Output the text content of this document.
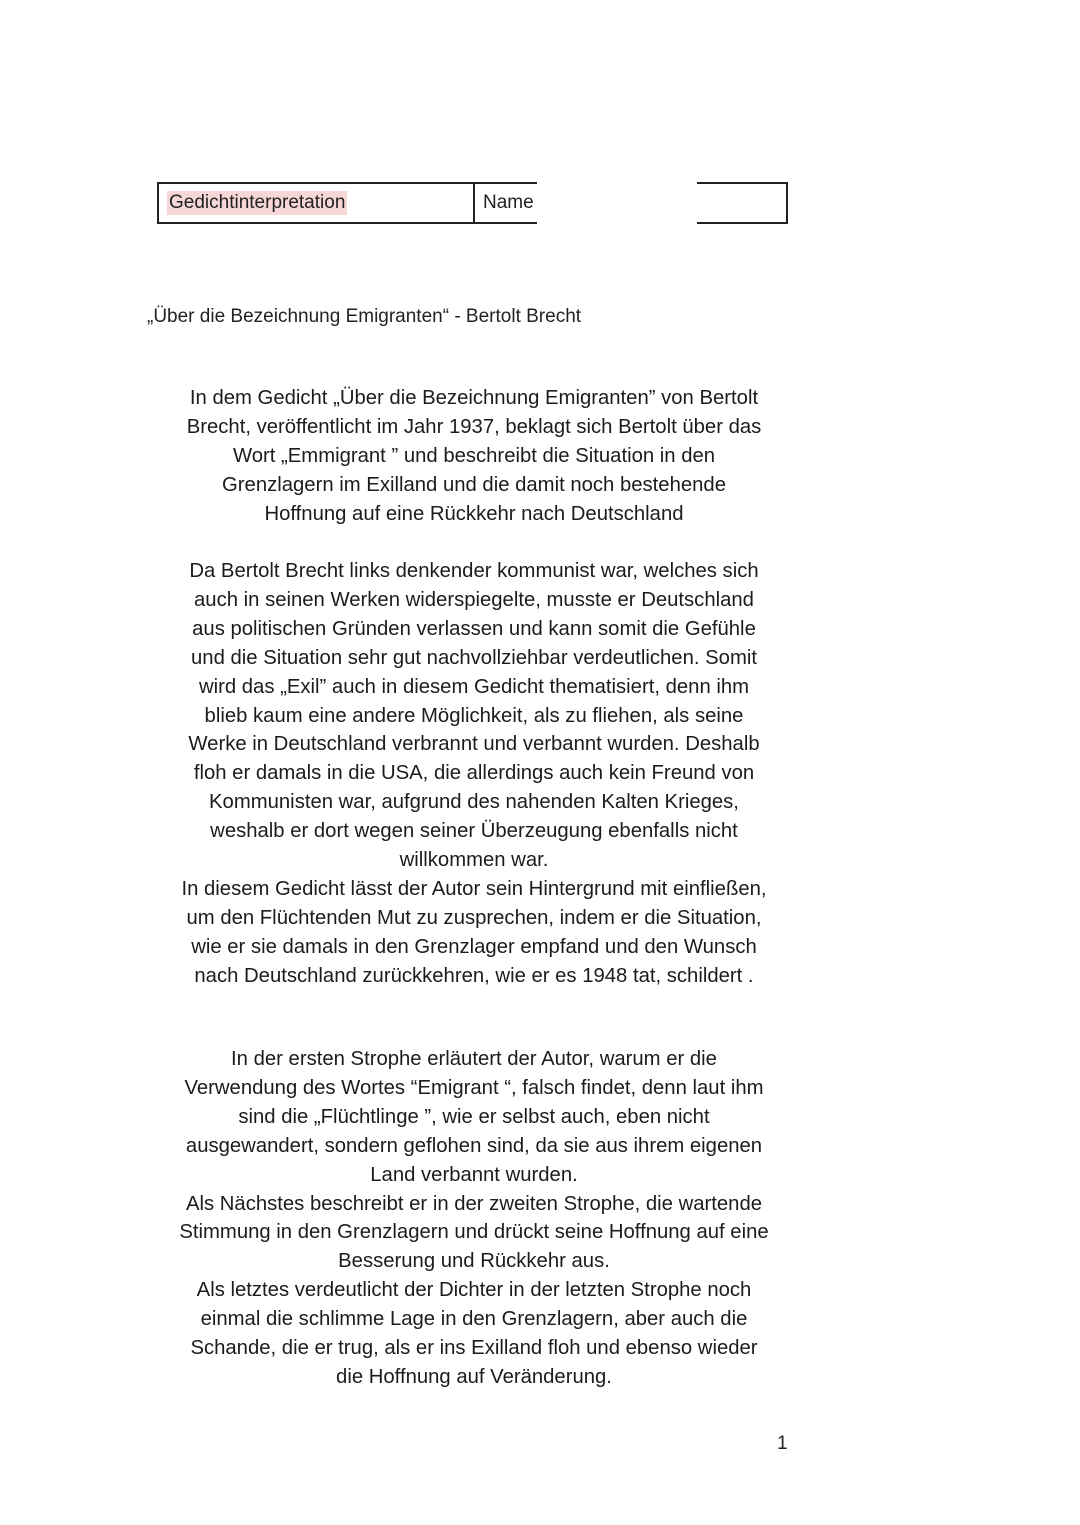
Gedichtinterpretation	Name
„Über die Bezeichnung Emigranten“ - Bertolt Brecht

In dem Gedicht „Über die Bezeichnung Emigranten” von Bertolt

Brecht, veröffentlicht im Jahr 1937, beklagt sich Bertolt über das

Wort „Emmigrant ” und beschreibt die Situation in den

Grenzlagern im Exilland und die damit noch bestehende

Hoffnung auf eine Rückkehr nach Deutschland

Da Bertolt Brecht links denkender kommunist war, welches sich

auch in seinen Werken widerspiegelte, musste er Deutschland

aus politischen Gründen verlassen und kann somit die Gefühle

und die Situation sehr gut nachvollziehbar verdeutlichen. Somit

wird das „Exil” auch in diesem Gedicht thematisiert, denn ihm

blieb kaum eine andere Möglichkeit, als zu fliehen, als seine

Werke in Deutschland verbrannt und verbannt wurden. Deshalb

floh er damals in die USA, die allerdings auch kein Freund von

Kommunisten war, aufgrund des nahenden Kalten Krieges,

weshalb er dort wegen seiner Überzeugung ebenfalls nicht

willkommen war.

In diesem Gedicht lässt der Autor sein Hintergrund mit einfließen,

um den Flüchtenden Mut zu zusprechen, indem er die Situation,

wie er sie damals in den Grenzlager empfand und den Wunsch

nach Deutschland zurückkehren, wie er es 1948 tat, schildert .

In der ersten Strophe erläutert der Autor, warum er die

Verwendung des Wortes “Emigrant “, falsch findet, denn laut ihm

sind die „Flüchtlinge ”, wie er selbst auch, eben nicht

ausgewandert, sondern geflohen sind, da sie aus ihrem eigenen

Land verbannt wurden.

Als Nächstes beschreibt er in der zweiten Strophe, die wartende

Stimmung in den Grenzlagern und drückt seine Hoffnung auf eine

Besserung und Rückkehr aus.

Als letztes verdeutlicht der Dichter in der letzten Strophe noch

einmal die schlimme Lage in den Grenzlagern, aber auch die

Schande, die er trug, als er ins Exilland floh und ebenso wieder

die Hoffnung auf Veränderung.

1
